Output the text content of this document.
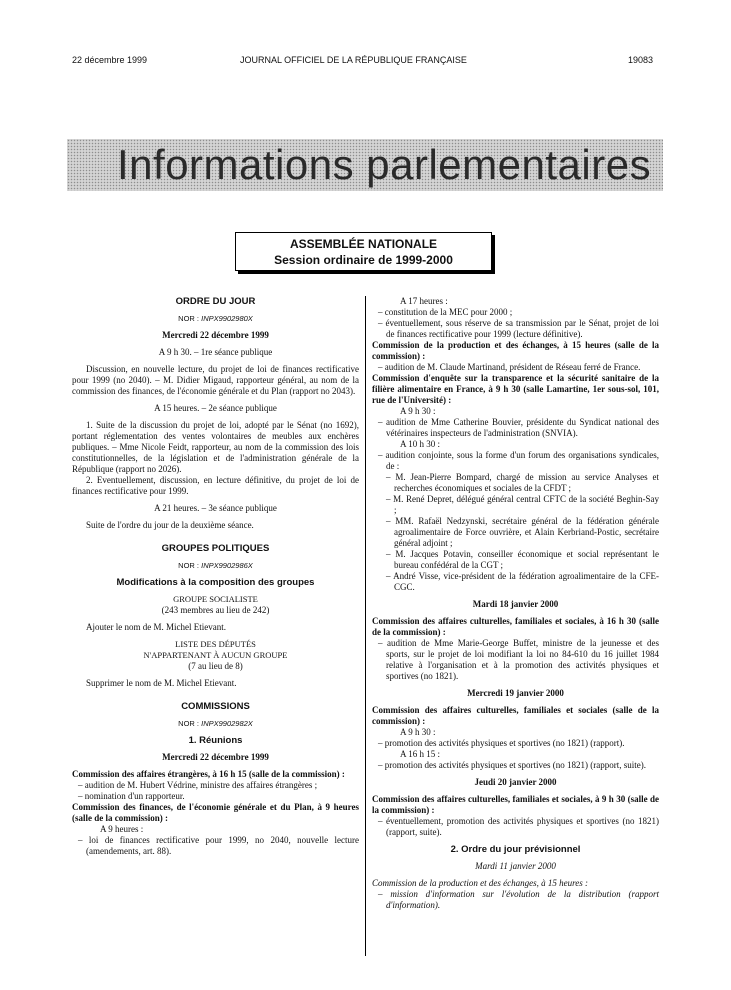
22 décembre 1999	JOURNAL OFFICIEL DE LA RÉPUBLIQUE FRANÇAISE	19083
Informations parlementaires
ASSEMBLÉE NATIONALE
Session ordinaire de 1999-2000
ORDRE DU JOUR
NOR : INPX9902980X
Mercredi 22 décembre 1999
A 9 h 30. – 1re séance publique

Discussion, en nouvelle lecture, du projet de loi de finances rectificative pour 1999 (no 2040). – M. Didier Migaud, rapporteur général, au nom de la commission des finances, de l'économie générale et du Plan (rapport no 2043).

A 15 heures. – 2e séance publique

1. Suite de la discussion du projet de loi, adopté par le Sénat (no 1692), portant réglementation des ventes volontaires de meubles aux enchères publiques. – Mme Nicole Feidt, rapporteur, au nom de la commission des lois constitutionnelles, de la législation et de l'administration générale de la République (rapport no 2026).

2. Eventuellement, discussion, en lecture définitive, du projet de loi de finances rectificative pour 1999.

A 21 heures. – 3e séance publique

Suite de l'ordre du jour de la deuxième séance.

GROUPES POLITIQUES
NOR : INPX9902986X
Modifications à la composition des groupes
GROUPE SOCIALISTE
(243 membres au lieu de 242)

Ajouter le nom de M. Michel Etievant.

LISTE DES DÉPUTÉS
N'APPARTENANT À AUCUN GROUPE
(7 au lieu de 8)

Supprimer le nom de M. Michel Etievant.

COMMISSIONS
NOR : INPX9902982X
1. Réunions
Mercredi 22 décembre 1999

Commission des affaires étrangères, à 16 h 15 (salle de la commission) :

– audition de M. Hubert Védrine, ministre des affaires étrangères ;

– nomination d'un rapporteur.

Commission des finances, de l'économie générale et du Plan, à 9 heures (salle de la commission) :

A 9 heures :

– loi de finances rectificative pour 1999, no 2040, nouvelle lecture (amendements, art. 88).

A 17 heures :

– constitution de la MEC pour 2000 ;

– éventuellement, sous réserve de sa transmission par le Sénat, projet de loi de finances rectificative pour 1999 (lecture définitive).

Commission de la production et des échanges, à 15 heures (salle de la commission) :

– audition de M. Claude Martinand, président de Réseau ferré de France.

Commission d'enquête sur la transparence et la sécurité sanitaire de la filière alimentaire en France, à 9 h 30 (salle Lamartine, 1er sous-sol, 101, rue de l'Université) :

A 9 h 30 :

– audition de Mme Catherine Bouvier, présidente du Syndicat national des vétérinaires inspecteurs de l'administration (SNVIA).

A 10 h 30 :

– audition conjointe, sous la forme d'un forum des organisations syndicales, de :

– M. Jean-Pierre Bompard, chargé de mission au service Analyses et recherches économiques et sociales de la CFDT ;

– M. René Depret, délégué général central CFTC de la société Beghin-Say ;

– MM. Rafaël Nedzynski, secrétaire général de la fédération générale agroalimentaire de Force ouvrière, et Alain Kerbriand-Postic, secrétaire général adjoint ;

– M. Jacques Potavin, conseiller économique et social représentant le bureau confédéral de la CGT ;

– André Visse, vice-président de la fédération agroalimentaire de la CFE-CGC.

Mardi 18 janvier 2000

Commission des affaires culturelles, familiales et sociales, à 16 h 30 (salle de la commission) :

– audition de Mme Marie-George Buffet, ministre de la jeunesse et des sports, sur le projet de loi modifiant la loi no 84-610 du 16 juillet 1984 relative à l'organisation et à la promotion des activités physiques et sportives (no 1821).

Mercredi 19 janvier 2000

Commission des affaires culturelles, familiales et sociales (salle de la commission) :

A 9 h 30 :

– promotion des activités physiques et sportives (no 1821) (rapport).

A 16 h 15 :

– promotion des activités physiques et sportives (no 1821) (rapport, suite).

Jeudi 20 janvier 2000

Commission des affaires culturelles, familiales et sociales, à 9 h 30 (salle de la commission) :

– éventuellement, promotion des activités physiques et sportives (no 1821) (rapport, suite).

2. Ordre du jour prévisionnel
Mardi 11 janvier 2000

Commission de la production et des échanges, à 15 heures :

– mission d'information sur l'évolution de la distribution (rapport d'information).
